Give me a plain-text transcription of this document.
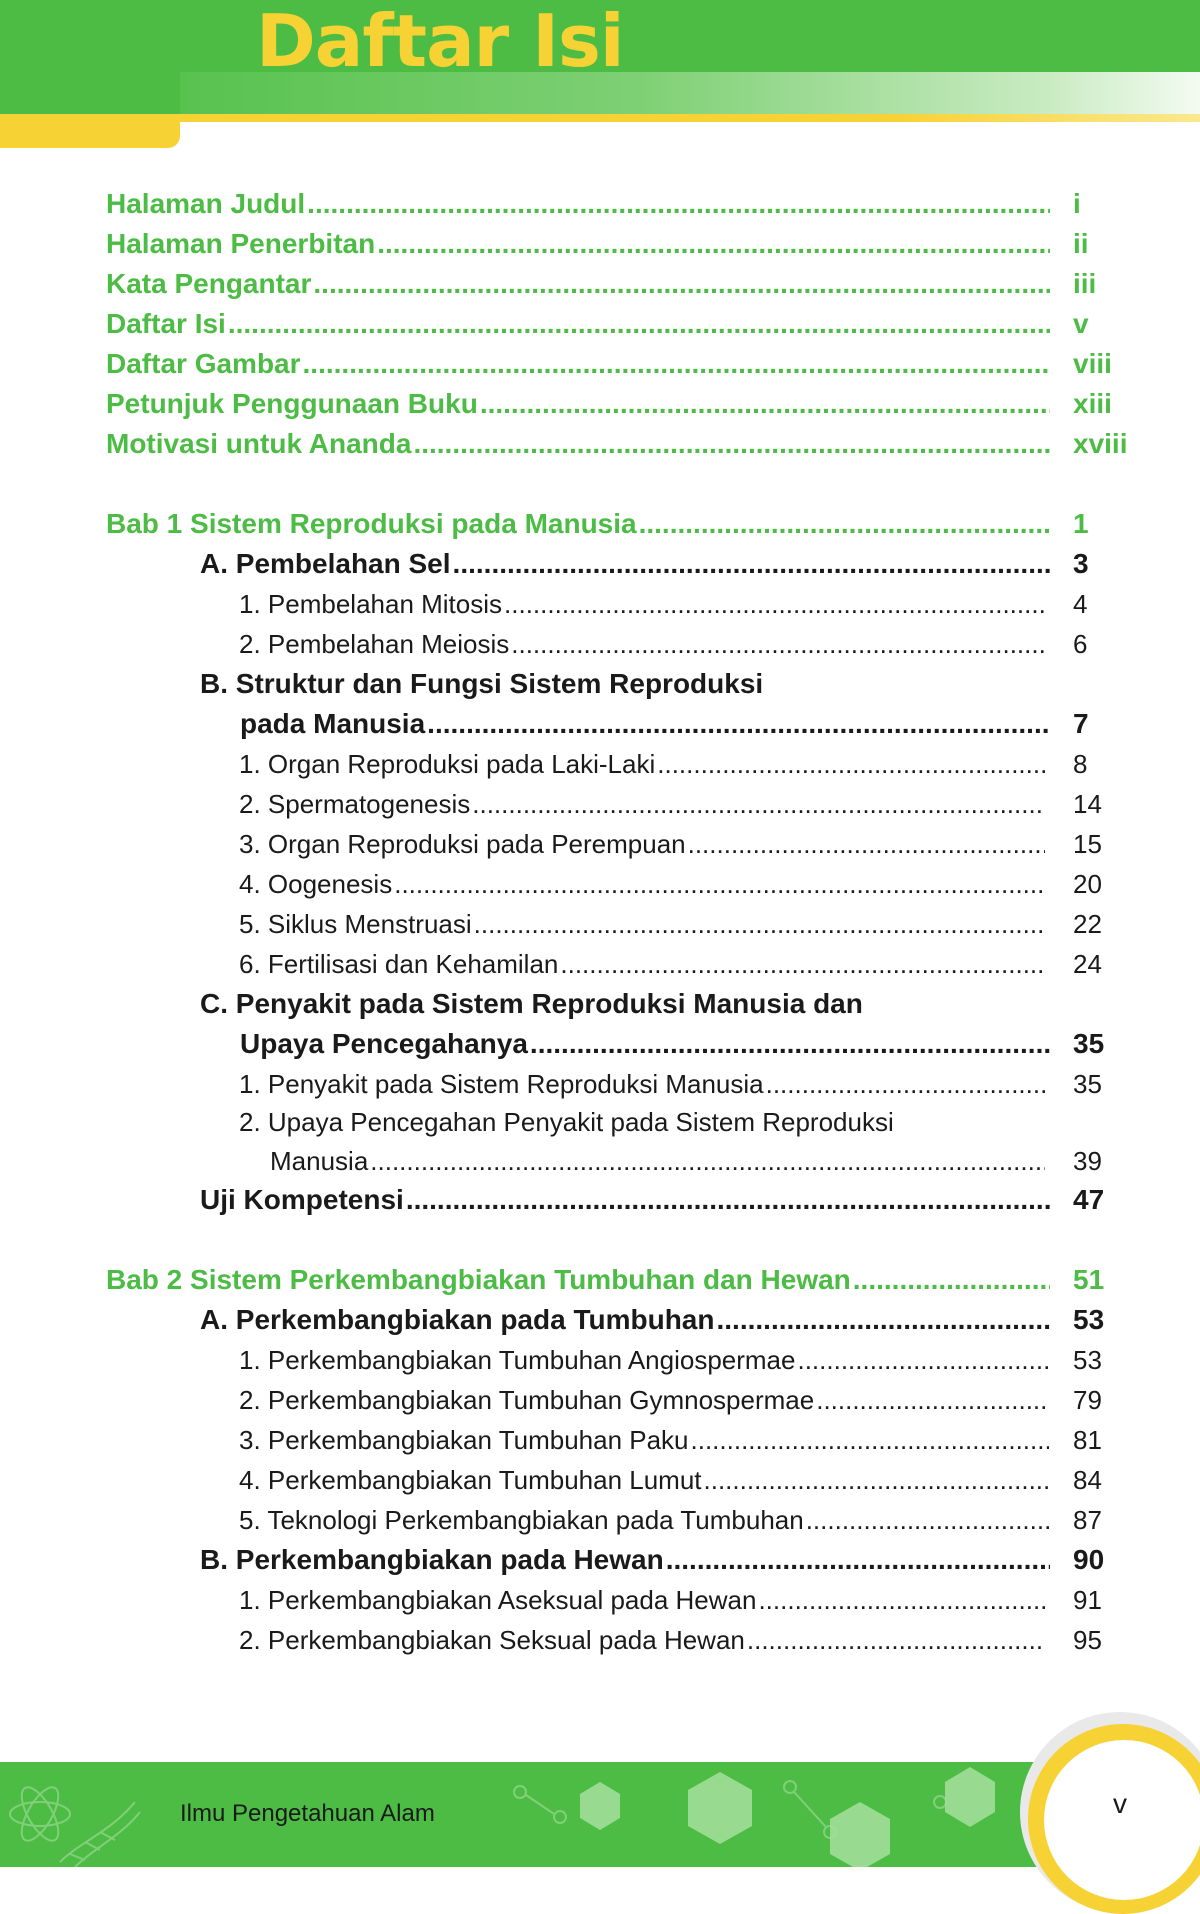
Daftar Isi
Halaman Judul .....	i
Halaman Penerbitan .....	ii
Kata Pengantar .....	iii
Daftar Isi .....	v
Daftar Gambar .....	viii
Petunjuk Penggunaan Buku .....	xiii
Motivasi untuk Ananda .....	xviii
Bab 1 Sistem Reproduksi pada Manusia .....	1
A. Pembelahan Sel .....	3
1. Pembelahan Mitosis .....	4
2. Pembelahan Meiosis .....	6
B. Struktur dan Fungsi Sistem Reproduksi
pada Manusia .....	7
1. Organ Reproduksi pada Laki-Laki .....	8
2. Spermatogenesis .....	14
3. Organ Reproduksi pada Perempuan .....	15
4. Oogenesis .....	20
5. Siklus Menstruasi .....	22
6. Fertilisasi dan Kehamilan .....	24
C. Penyakit pada Sistem Reproduksi Manusia dan
Upaya Pencegahanya .....	35
1. Penyakit pada Sistem Reproduksi Manusia .....	35
2. Upaya Pencegahan Penyakit pada Sistem Reproduksi
Manusia .....	39
Uji Kompetensi .....	47
Bab 2 Sistem Perkembangbiakan Tumbuhan dan Hewan .....	51
A. Perkembangbiakan pada Tumbuhan .....	53
1. Perkembangbiakan Tumbuhan Angiospermae .....	53
2. Perkembangbiakan Tumbuhan Gymnospermae .....	79
3. Perkembangbiakan Tumbuhan Paku .....	81
4. Perkembangbiakan Tumbuhan Lumut .....	84
5. Teknologi Perkembangbiakan pada Tumbuhan .....	87
B. Perkembangbiakan pada Hewan .....	90
1. Perkembangbiakan Aseksual pada Hewan .....	91
2. Perkembangbiakan Seksual pada Hewan .....	95
Ilmu Pengetahuan Alam	v
